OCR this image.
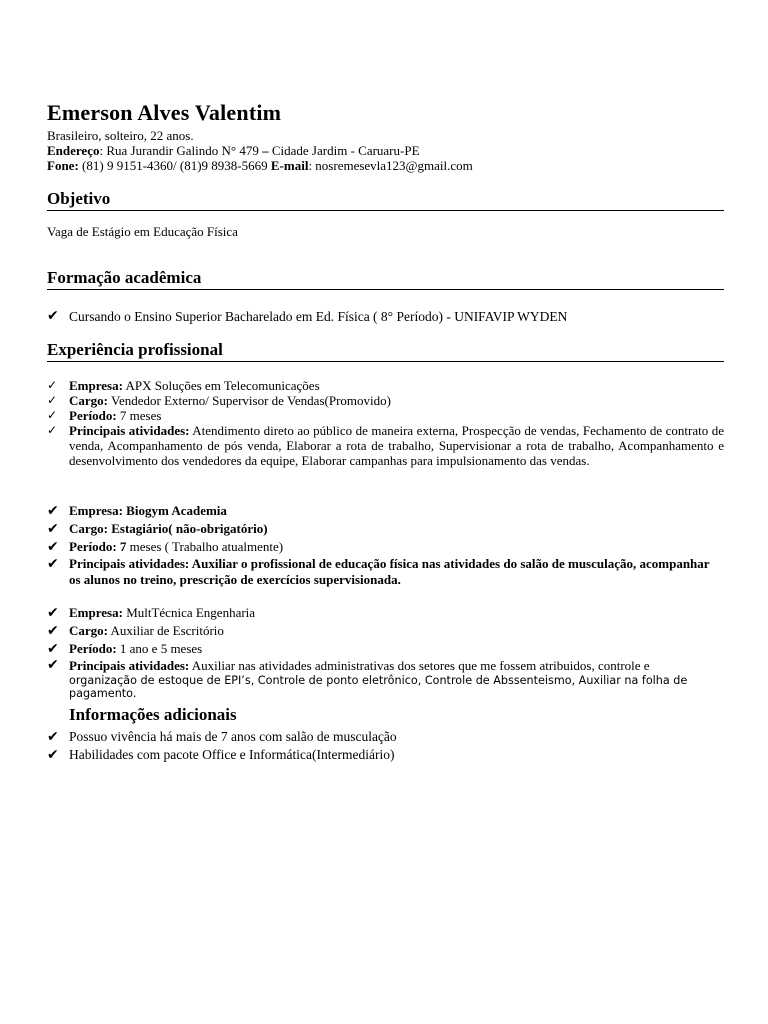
Emerson Alves Valentim
Brasileiro, solteiro, 22 anos.
Endereço: Rua Jurandir Galindo N° 479 – Cidade Jardim - Caruaru-PE
Fone: (81) 9 9151-4360/ (81)9 8938-5669 E-mail: nosremesevla123@gmail.com
Objetivo
Vaga de Estágio em Educação Física
Formação acadêmica
✔ Cursando o Ensino Superior Bacharelado em Ed. Física ( 8° Período) - UNIFAVIP WYDEN
Experiência profissional
✓ Empresa: APX Soluções em Telecomunicações
✓ Cargo: Vendedor Externo/ Supervisor de Vendas(Promovido)
✓ Período: 7 meses
✓ Principais atividades: Atendimento direto ao público de maneira externa, Prospecção de vendas, Fechamento de contrato de venda, Acompanhamento de pós venda, Elaborar a rota de trabalho, Supervisionar a rota de trabalho, Acompanhamento e desenvolvimento dos vendedores da equipe, Elaborar campanhas para impulsionamento das vendas.
✔ Empresa: Biogym Academia
✔ Cargo: Estagiário( não-obrigatório)
✔ Período: 7 meses ( Trabalho atualmente)
✔ Principais atividades: Auxiliar o profissional de educação física nas atividades do salão de musculação, acompanhar os alunos no treino, prescrição de exercícios supervisionada.
✔ Empresa: MultTécnica Engenharia
✔ Cargo: Auxiliar de Escritório
✔ Período: 1 ano e 5 meses
✔ Principais atividades: Auxiliar nas atividades administrativas dos setores que me fossem atribuidos, controle e
organização de estoque de EPI’s, Controle de ponto eletrônico, Controle de Abssenteismo, Auxiliar na folha de
pagamento.
Informações adicionais
✔ Possuo vivência há mais de 7 anos com salão de musculação
✔ Habilidades com pacote Office e Informática(Intermediário)
